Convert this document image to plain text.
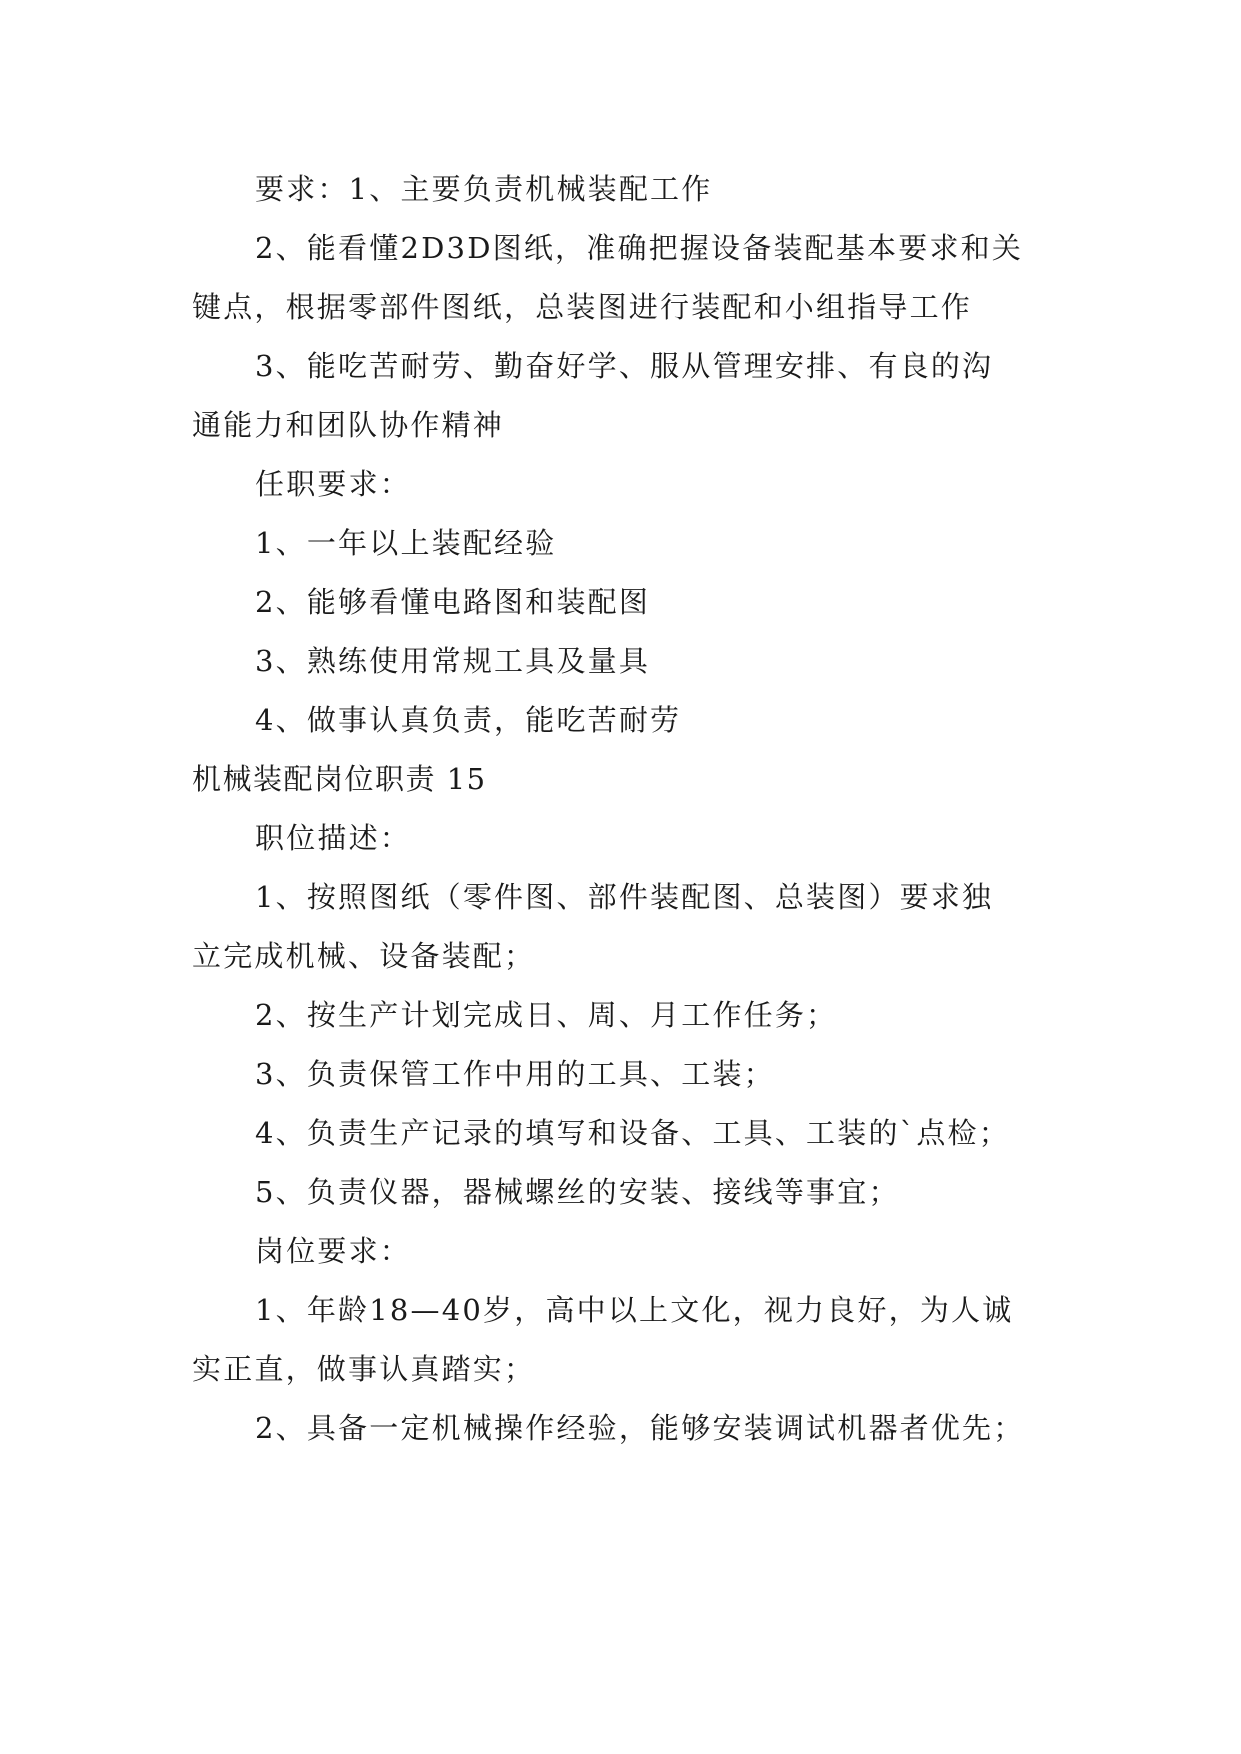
要求：1、主要负责机械装配工作
2、能看懂2D3D图纸，准确把握设备装配基本要求和关
键点，根据零部件图纸，总装图进行装配和小组指导工作
3、能吃苦耐劳、勤奋好学、服从管理安排、有良的沟
通能力和团队协作精神
任职要求：
1、一年以上装配经验
2、能够看懂电路图和装配图
3、熟练使用常规工具及量具
4、做事认真负责，能吃苦耐劳
机械装配岗位职责 15
职位描述：
1、按照图纸（零件图、部件装配图、总装图）要求独
立完成机械、设备装配；
2、按生产计划完成日、周、月工作任务；
3、负责保管工作中用的工具、工装；
4、负责生产记录的填写和设备、工具、工装的`点检；
5、负责仪器，器械螺丝的安装、接线等事宜；
岗位要求：
1、年龄18—40岁，高中以上文化，视力良好，为人诚
实正直，做事认真踏实；
2、具备一定机械操作经验，能够安装调试机器者优先；
